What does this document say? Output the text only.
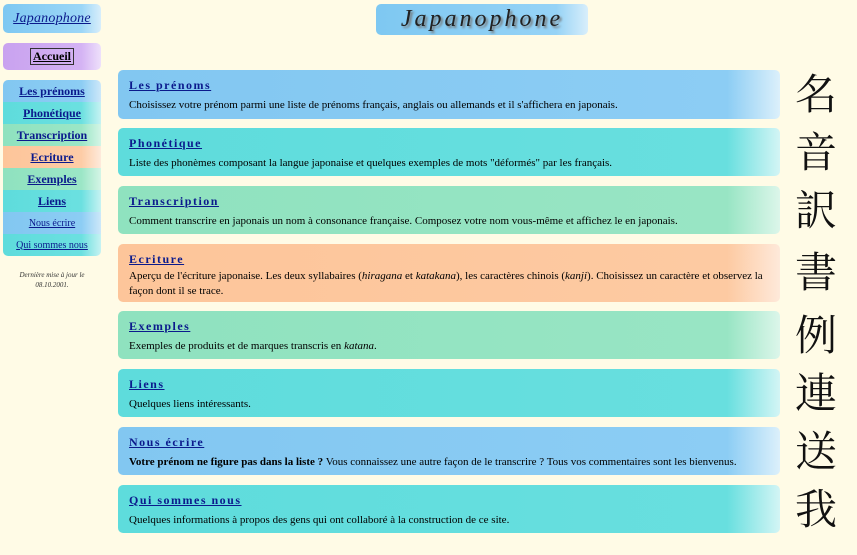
Japanophone
Accueil
Les prénoms
Phonétique
Transcription
Ecriture
Exemples
Liens
Nous écrire
Qui sommes nous
Dernière mise à jour le 08.10.2001.
Japanophone
Les prénoms
Choisissez votre prénom parmi une liste de prénoms français, anglais ou allemands et il s'affichera en japonais.
Phonétique
Liste des phonèmes composant la langue japonaise et quelques exemples de mots "déformés" par les français.
Transcription
Comment transcrire en japonais un nom à consonance française. Composez votre nom vous-même et affichez le en japonais.
Ecriture
Aperçu de l'écriture japonaise. Les deux syllabaires (hiragana et katakana), les caractères chinois (kanji). Choisissez un caractère et observez la façon dont il se trace.
Exemples
Exemples de produits et de marques transcris en katana.
Liens
Quelques liens intéressants.
Nous écrire
Votre prénom ne figure pas dans la liste ? Vous connaissez une autre façon de le transcrire ? Tous vos commentaires sont les bienvenus.
Qui sommes nous
Quelques informations à propos des gens qui ont collaboré à la construction de ce site.
名
音
訳
書
例
連
送
我
